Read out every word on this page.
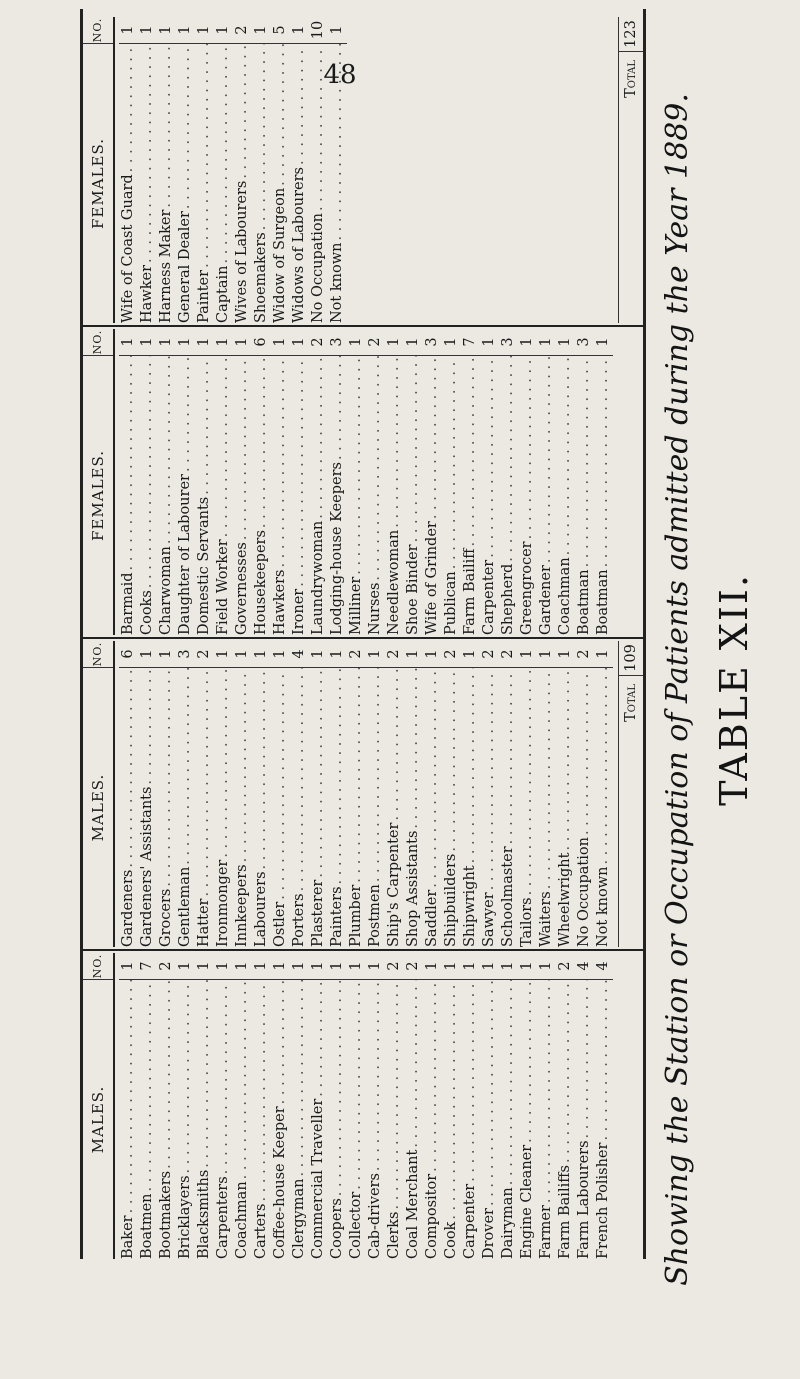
48
TABLE XII.
Showing the Station or Occupation of Patients admitted during the Year 1889.
MALES.
NO.
Baker
. . .
1
Boatmen
. . .
7
Bootmakers
. . .
2
Bricklayers
. . .
1
Blacksmiths
. . .
1
Carpenters
. . .
1
Coachman
. . .
1
Carters
. . .
1
Coffee-house Keeper
. . .
1
Clergyman
. . .
1
Commercial Traveller
. . .
1
Coopers
. . .
1
Collector
. . .
1
Cab-drivers
. . .
1
Clerks
. . .
2
Coal Merchant
. . .
2
Compositor
. . .
1
Cook
. . .
1
Carpenter
. . .
1
Drover
. . .
1
Dairyman
. . .
1
Engine Cleaner
. . .
1
Farmer
. . .
1
Farm Bailiffs
. . .
2
Farm Labourers
. . .
4
French Polisher
. . .
4
MALES.
NO.
Gardeners
. . .
6
Gardeners' Assistants
. . .
1
Grocers
. . .
1
Gentleman
. . .
3
Hatter
. . .
2
Ironmonger
. . .
1
Innkeepers
. . .
1
Labourers
. . .
1
Ostler
. . .
1
Porters
. . .
4
Plasterer
. . .
1
Painters
. . .
1
Plumber
. . .
2
Postmen
. . .
1
Ship's Carpenter
. . .
2
Shop Assistants
. . .
1
Saddler
. . .
1
Shipbuilders
. . .
2
Shipwright
. . .
1
Sawyer
. . .
2
Schoolmaster
. . .
2
Tailors
. . .
1
Waiters
. . .
1
Wheelwright
. . .
1
No Occupation
. . .
2
Not known
. . .
1
Total
109
FEMALES.
NO.
Barmaid
. . .
1
Cooks
. . .
1
Charwoman
. . .
1
Daughter of Labourer
. . .
1
Domestic Servants
. . .
1
Field Worker
. . .
1
Governesses
. . .
1
Housekeepers
. . .
6
Hawkers
. . .
1
Ironer
. . .
1
Laundrywoman
. . .
2
Lodging-house Keepers
. . .
3
Milliner
. . .
1
Nurses
. . .
2
Needlewoman
. . .
1
Shoe Binder
. . .
1
Wife of Grinder
. . .
3
Publican
. . .
1
Farm Bailiff
. . .
7
Carpenter
. . .
1
Shepherd
. . .
3
Greengrocer
. . .
1
Gardener
. . .
1
Coachman
. . .
1
Boatman
. . .
3
Boatman
. . .
1
FEMALES.
NO.
Wife of Coast Guard
. . .
1
Hawker
. . .
1
Harness Maker
. . .
1
General Dealer
. . .
1
Painter
. . .
1
Captain
. . .
1
Wives of Labourers
. . .
2
Shoemakers
. . .
1
Widow of Surgeon
. . .
5
Widows of Labourers
. . .
1
No Occupation
. . .
10
Not known
. . .
1
Total
123
